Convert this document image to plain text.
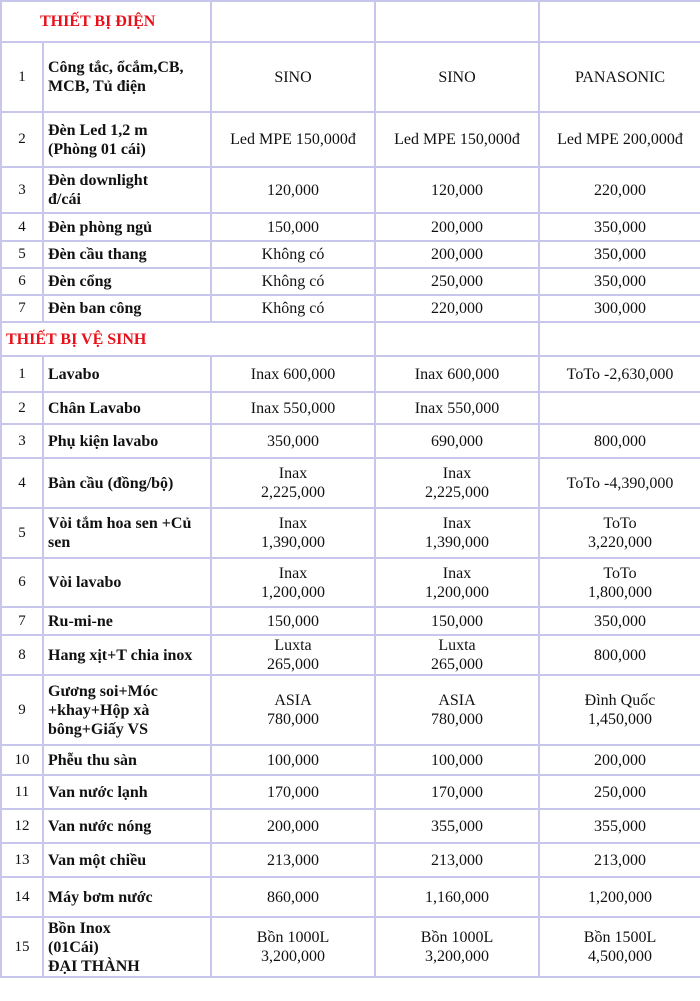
THIẾT BỊ ĐIỆN				
1	Công tắc, ổcắm,CB,
MCB, Tủ điện	SINO	SINO	PANASONIC

2	Đèn Led 1,2 m
(Phòng 01 cái)	Led MPE 150,000đ	Led MPE 150,000đ	Led MPE 200,000đ

3	Đèn downlight
đ/cái	120,000	120,000	220,000

4	Đèn phòng ngủ	150,000	200,000	350,000

5	Đèn cầu thang	Không có	200,000	350,000

6	Đèn cổng	Không có	250,000	350,000

7	Đèn ban công	Không có	220,000	300,000

THIẾT BỊ VỆ SINH				
1	Lavabo	Inax 600,000	Inax 600,000	ToTo -2,630,000

2	Chân Lavabo	Inax 550,000	Inax 550,000	

3	Phụ kiện lavabo	350,000	690,000	800,000

4	Bàn cầu (đồng/bộ)	Inax
2,225,000	Inax
2,225,000	ToTo -4,390,000

5	Vòi tắm hoa sen +Củ
sen	Inax
1,390,000	Inax
1,390,000	ToTo
3,220,000

6	Vòi lavabo	Inax
1,200,000	Inax
1,200,000	ToTo
1,800,000

7	Ru-mi-ne	150,000	150,000	350,000

8	Hang xịt+T chia inox	Luxta
265,000	Luxta
265,000	800,000

9	Gương soi+Móc
+khay+Hộp xà
bông+Giấy VS	ASIA
780,000	ASIA
780,000	Đình Quốc
1,450,000

10	Phễu thu sàn	100,000	100,000	200,000

11	Van nước lạnh	170,000	170,000	250,000

12	Van nước nóng	200,000	355,000	355,000

13	Van một chiều	213,000	213,000	213,000

14	Máy bơm nước	860,000	1,160,000	1,200,000

15	Bồn Inox
(01Cái)
ĐẠI THÀNH	Bồn 1000L
3,200,000	Bồn 1000L
3,200,000	Bồn 1500L
4,500,000
